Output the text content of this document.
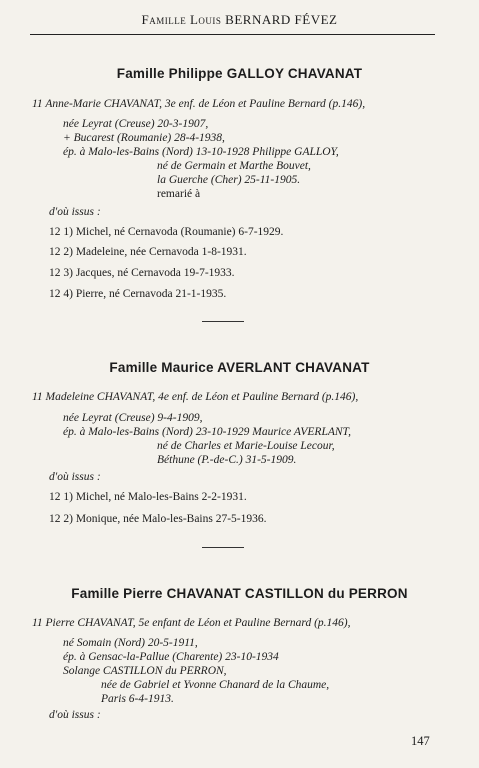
Famille Louis BERNARD FÉVEZ
Famille Philippe GALLOY CHAVANAT
11 Anne-Marie CHAVANAT, 3e enf. de Léon et Pauline Bernard (p.146),
née Leyrat (Creuse) 20-3-1907,
+ Bucarest (Roumanie) 28-4-1938,
ép. à Malo-les-Bains (Nord) 13-10-1928 Philippe GALLOY,
né de Germain et Marthe Bouvet,
la Guerche (Cher) 25-11-1905.
remarié à
d'où issus :
12 1) Michel, né Cernavoda (Roumanie) 6-7-1929.
12 2) Madeleine, née Cernavoda 1-8-1931.
12 3) Jacques, né Cernavoda 19-7-1933.
12 4) Pierre, né Cernavoda 21-1-1935.
Famille Maurice AVERLANT CHAVANAT
11 Madeleine CHAVANAT, 4e enf. de Léon et Pauline Bernard (p.146),
née Leyrat (Creuse) 9-4-1909,
ép. à Malo-les-Bains (Nord) 23-10-1929 Maurice AVERLANT,
né de Charles et Marie-Louise Lecour,
Béthune (P.-de-C.) 31-5-1909.
d'où issus :
12 1) Michel, né Malo-les-Bains 2-2-1931.
12 2) Monique, née Malo-les-Bains 27-5-1936.
Famille Pierre CHAVANAT CASTILLON du PERRON
11 Pierre CHAVANAT, 5e enfant de Léon et Pauline Bernard (p.146),
né Somain (Nord) 20-5-1911,
ép. à Gensac-la-Pallue (Charente) 23-10-1934
Solange CASTILLON du PERRON,
née de Gabriel et Yvonne Chanard de la Chaume,
Paris 6-4-1913.
d'où issus :
147
